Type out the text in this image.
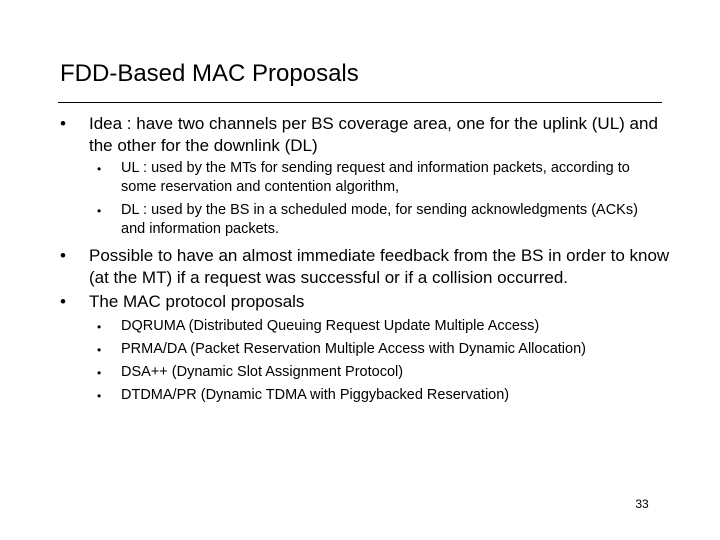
FDD-Based MAC Proposals
• Idea : have two channels per BS coverage area, one for the uplink (UL) and the other for the downlink (DL)
• UL : used by the MTs for sending request and information packets, according to some reservation and contention algorithm,
• DL : used by the BS in a scheduled mode, for sending acknowledgments (ACKs) and information packets.
• Possible to have an almost immediate feedback from the BS in order to know (at the MT) if a request was successful or if a collision occurred.
• The MAC protocol proposals
• DQRUMA (Distributed Queuing Request Update Multiple Access)
• PRMA/DA (Packet Reservation Multiple Access with Dynamic Allocation)
• DSA++ (Dynamic Slot Assignment Protocol)
• DTDMA/PR (Dynamic TDMA with Piggybacked Reservation)
33
